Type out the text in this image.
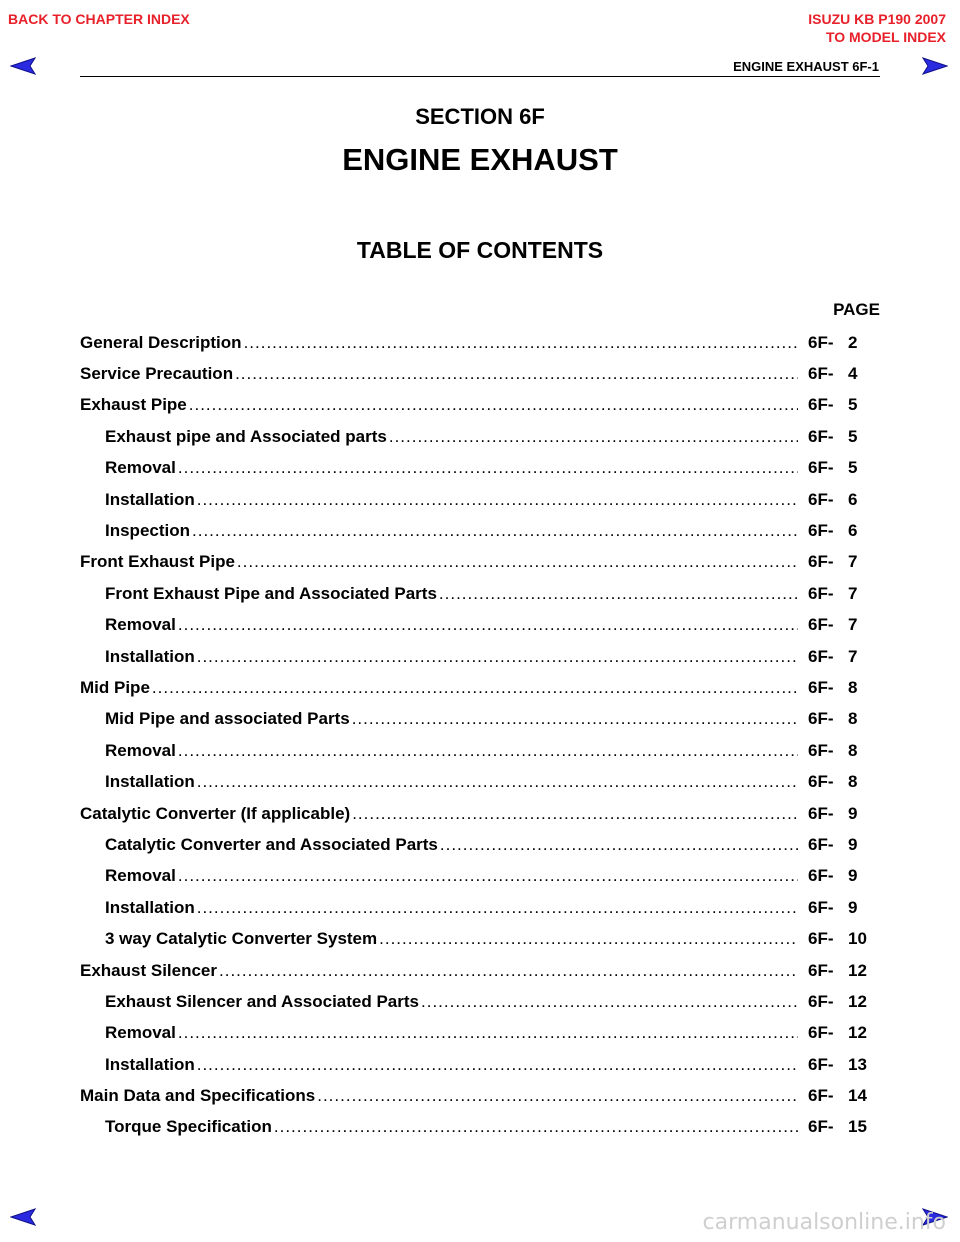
BACK TO CHAPTER INDEX	ISUZU KB P190 2007
TO MODEL INDEX
ENGINE EXHAUST 6F-1
SECTION 6F
ENGINE EXHAUST
TABLE OF CONTENTS
PAGE
General Description .....	6F- 2
Service Precaution .....	6F- 4
Exhaust Pipe .....	6F- 5
Exhaust pipe and Associated parts .....	6F- 5
Removal .....	6F- 5
Installation .....	6F- 6
Inspection .....	6F- 6
Front Exhaust Pipe .....	6F- 7
Front Exhaust Pipe and Associated Parts .....	6F- 7
Removal .....	6F- 7
Installation .....	6F- 7
Mid Pipe .....	6F- 8
Mid Pipe and associated Parts .....	6F- 8
Removal .....	6F- 8
Installation .....	6F- 8
Catalytic Converter (If applicable) .....	6F- 9
Catalytic Converter and Associated Parts .....	6F- 9
Removal .....	6F- 9
Installation .....	6F- 9
3 way Catalytic Converter System .....	6F- 10
Exhaust Silencer .....	6F- 12
Exhaust Silencer and Associated Parts .....	6F- 12
Removal .....	6F- 12
Installation .....	6F- 13
Main Data and Specifications .....	6F- 14
Torque Specification .....	6F- 15
carmanualsonline.info
